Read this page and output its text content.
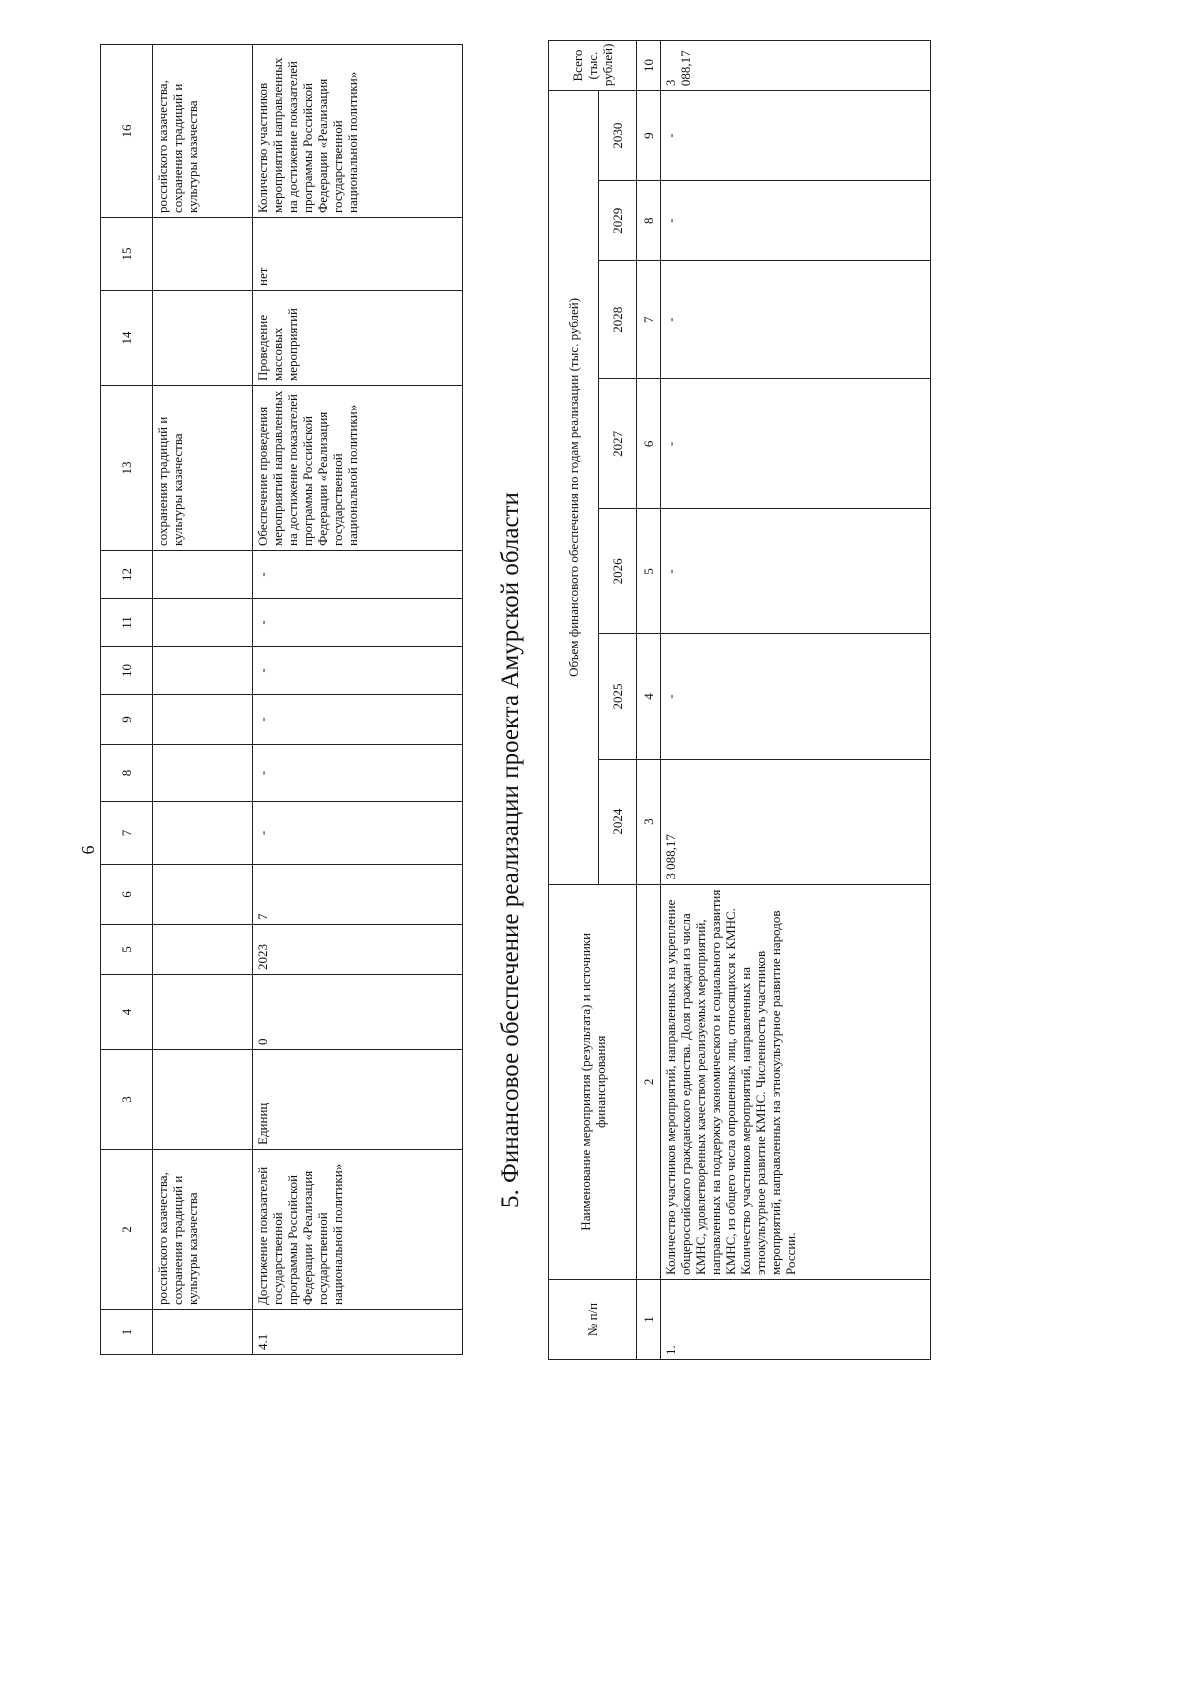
6
1	2	3	4	5	6	7	8	9	10	11	12	13	14	15	16
	российского казачества, сохранения традиций и культуры казачества											сохранения традиций и культуры казачества			российского казачества, сохранения традиций и культуры казачества
4.1	Достижение показателей государственной программы Российской Федерации «Реализация государственной национальной политики»	Единиц	0	2023	7	-	-	-	-	-	-	Обеспечение проведения мероприятий направленных на достижение показателей программы Российской Федерации «Реализация государственной национальной политики»	Проведение массовых мероприятий	нет	Количество участников мероприятий направленных на достижение показателей программы Российской Федерации «Реализация государственной национальной политики»
5. Финансовое обеспечение реализации проекта Амурской области
№ п/п	Наименование мероприятия (результата) и источники финансирования	Объем финансового обеспечения по годам реализации (тыс. рублей)							Всего (тыс. рублей)
		2024	2025	2026	2027	2028	2029	2030	
1	2	3	4	5	6	7	8	9	10
1.	Количество участников мероприятий, направленных на укрепление общероссийского гражданского единства. Доля граждан из числа КМНС, удовлетворенных качеством реализуемых мероприятий, направленных на поддержку экономического и социального развития КМНС, из общего числа опрошенных лиц, относящихся к КМНС. Количество участников мероприятий, направленных на этнокультурное развитие КМНС. Численность участников мероприятий, направленных на этнокультурное развитие народов России.	3 088,17	-	-	-	-	-	-	3 088,17
